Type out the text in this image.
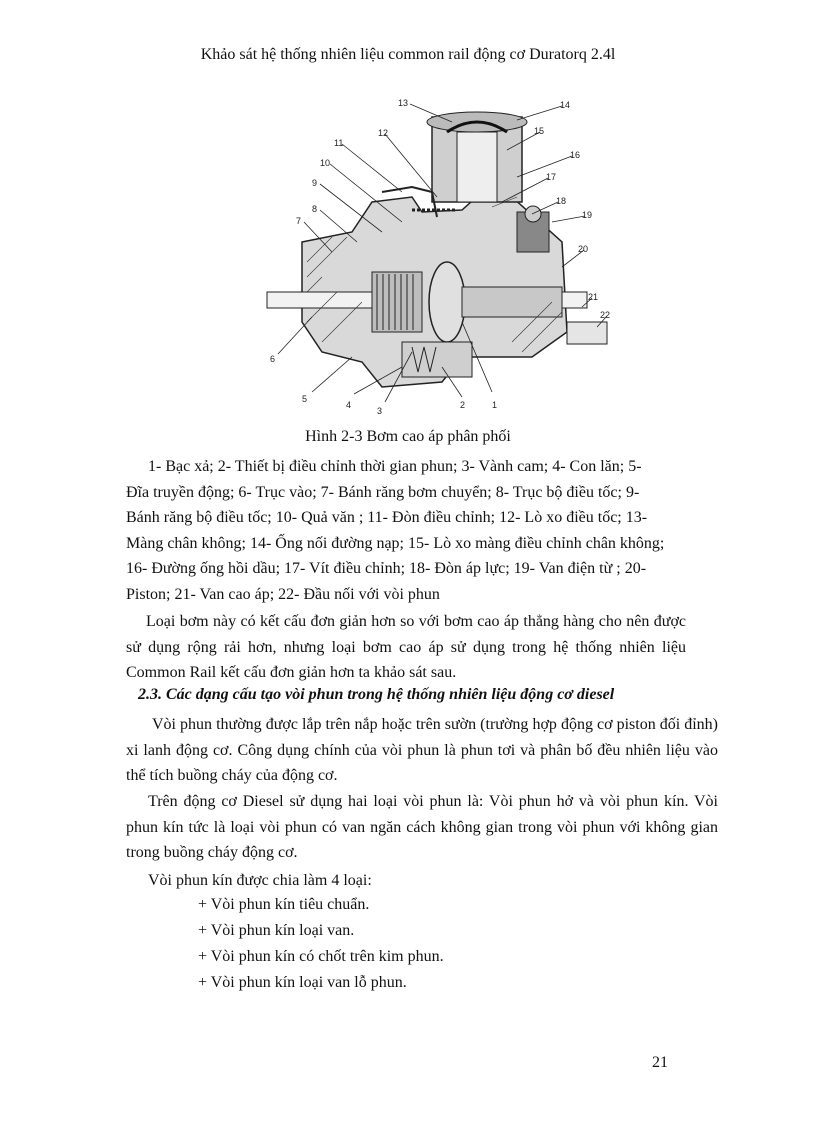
Khảo sát hệ thống nhiên liệu common rail động cơ Duratorq 2.4l
1
2
3
4
5
6
7
8
9
10
11
12
13	14
15
16
17
18
19
20
21
22
Hình 2-3 Bơm cao áp phân phối

1- Bạc xả; 2- Thiết bị điều chỉnh thời gian phun; 3- Vành cam; 4- Con lăn; 5-

Đĩa truyền động; 6- Trục vào; 7- Bánh răng bơm chuyển; 8- Trục bộ điều tốc; 9-

Bánh răng bộ điều tốc; 10- Quả văn ; 11- Đòn điều chỉnh; 12- Lò xo điều tốc; 13-

Màng chân không; 14- Ống nối đường nạp; 15- Lò xo màng điều chỉnh chân không;

16- Đường ống hồi dầu; 17- Vít điều chỉnh; 18- Đòn áp lực; 19- Van điện từ ; 20-

Piston; 21- Van cao áp; 22- Đầu nối với vòi phun

Loại bơm này có kết cấu đơn giản hơn so với bơm cao áp thẳng hàng cho nên được sử dụng rộng rải hơn, nhưng loại bơm cao áp sử dụng trong hệ thống nhiên liệu Common Rail kết cấu đơn giản hơn ta khảo sát sau.

2.3. Các dạng cấu tạo vòi phun trong hệ thống nhiên liệu động cơ diesel

Vòi phun thường được lắp trên nắp hoặc trên sườn (trường hợp động cơ piston đối đỉnh) xi lanh động cơ. Công dụng chính của vòi phun là phun tơi và phân bố đều nhiên liệu vào thể tích buồng cháy của động cơ.

Trên động cơ Diesel sử dụng hai loại vòi phun là: Vòi phun hở và vòi phun kín. Vòi phun kín tức là loại vòi phun có van ngăn cách không gian trong vòi phun với không gian trong buồng cháy động cơ.

Vòi phun kín được chia làm 4 loại:

+ Vòi phun kín tiêu chuẩn.

+ Vòi phun kín loại van.

+ Vòi phun kín có chốt trên kim phun.

+ Vòi phun kín loại van lỗ phun.

21
